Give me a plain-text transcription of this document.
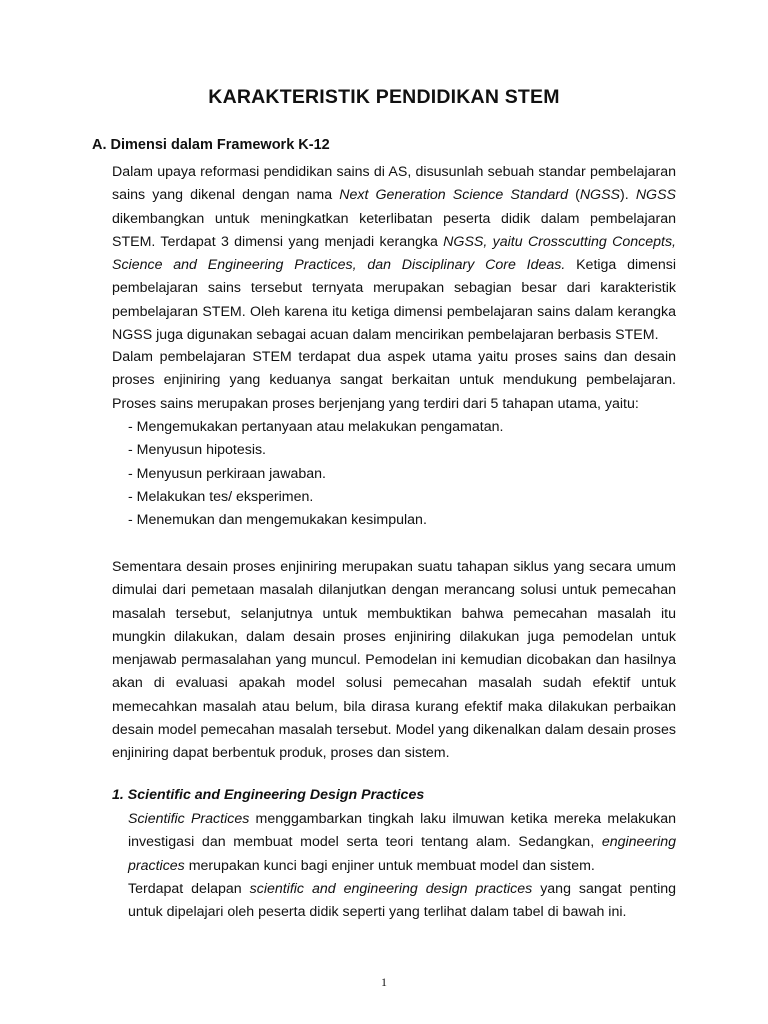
KARAKTERISTIK PENDIDIKAN STEM
A. Dimensi dalam Framework K-12

Dalam upaya reformasi pendidikan sains di AS, disusunlah sebuah standar pembelajaran sains yang dikenal dengan nama Next Generation Science Standard (NGSS). NGSS dikembangkan untuk meningkatkan keterlibatan peserta didik dalam pembelajaran STEM. Terdapat 3 dimensi yang menjadi kerangka NGSS, yaitu Crosscutting Concepts, Science and Engineering Practices, dan Disciplinary Core Ideas. Ketiga dimensi pembelajaran sains tersebut ternyata merupakan sebagian besar dari karakteristik pembelajaran STEM. Oleh karena itu ketiga dimensi pembelajaran sains dalam kerangka NGSS juga digunakan sebagai acuan dalam mencirikan pembelajaran berbasis STEM.

Dalam pembelajaran STEM terdapat dua aspek utama yaitu proses sains dan desain proses enjiniring yang keduanya sangat berkaitan untuk mendukung pembelajaran. Proses sains merupakan proses berjenjang yang terdiri dari 5 tahapan utama, yaitu:

- Mengemukakan pertanyaan atau melakukan pengamatan.
- Menyusun hipotesis.
- Menyusun perkiraan jawaban.
- Melakukan tes/ eksperimen.
- Menemukan dan mengemukakan kesimpulan.

Sementara desain proses enjiniring merupakan suatu tahapan siklus yang secara umum dimulai dari pemetaan masalah dilanjutkan dengan merancang solusi untuk pemecahan masalah tersebut, selanjutnya untuk membuktikan bahwa pemecahan masalah itu mungkin dilakukan, dalam desain proses enjiniring dilakukan juga pemodelan untuk menjawab permasalahan yang muncul. Pemodelan ini kemudian dicobakan dan hasilnya akan di evaluasi apakah model solusi pemecahan masalah sudah efektif untuk memecahkan masalah atau belum, bila dirasa kurang efektif maka dilakukan perbaikan desain model pemecahan masalah tersebut. Model yang dikenalkan dalam desain proses enjiniring dapat berbentuk produk, proses dan sistem.

1. Scientific and Engineering Design Practices

Scientific Practices menggambarkan tingkah laku ilmuwan ketika mereka melakukan investigasi dan membuat model serta teori tentang alam. Sedangkan, engineering practices merupakan kunci bagi enjiner untuk membuat model dan sistem.

Terdapat delapan scientific and engineering design practices yang sangat penting untuk dipelajari oleh peserta didik seperti yang terlihat dalam tabel di bawah ini.

1
